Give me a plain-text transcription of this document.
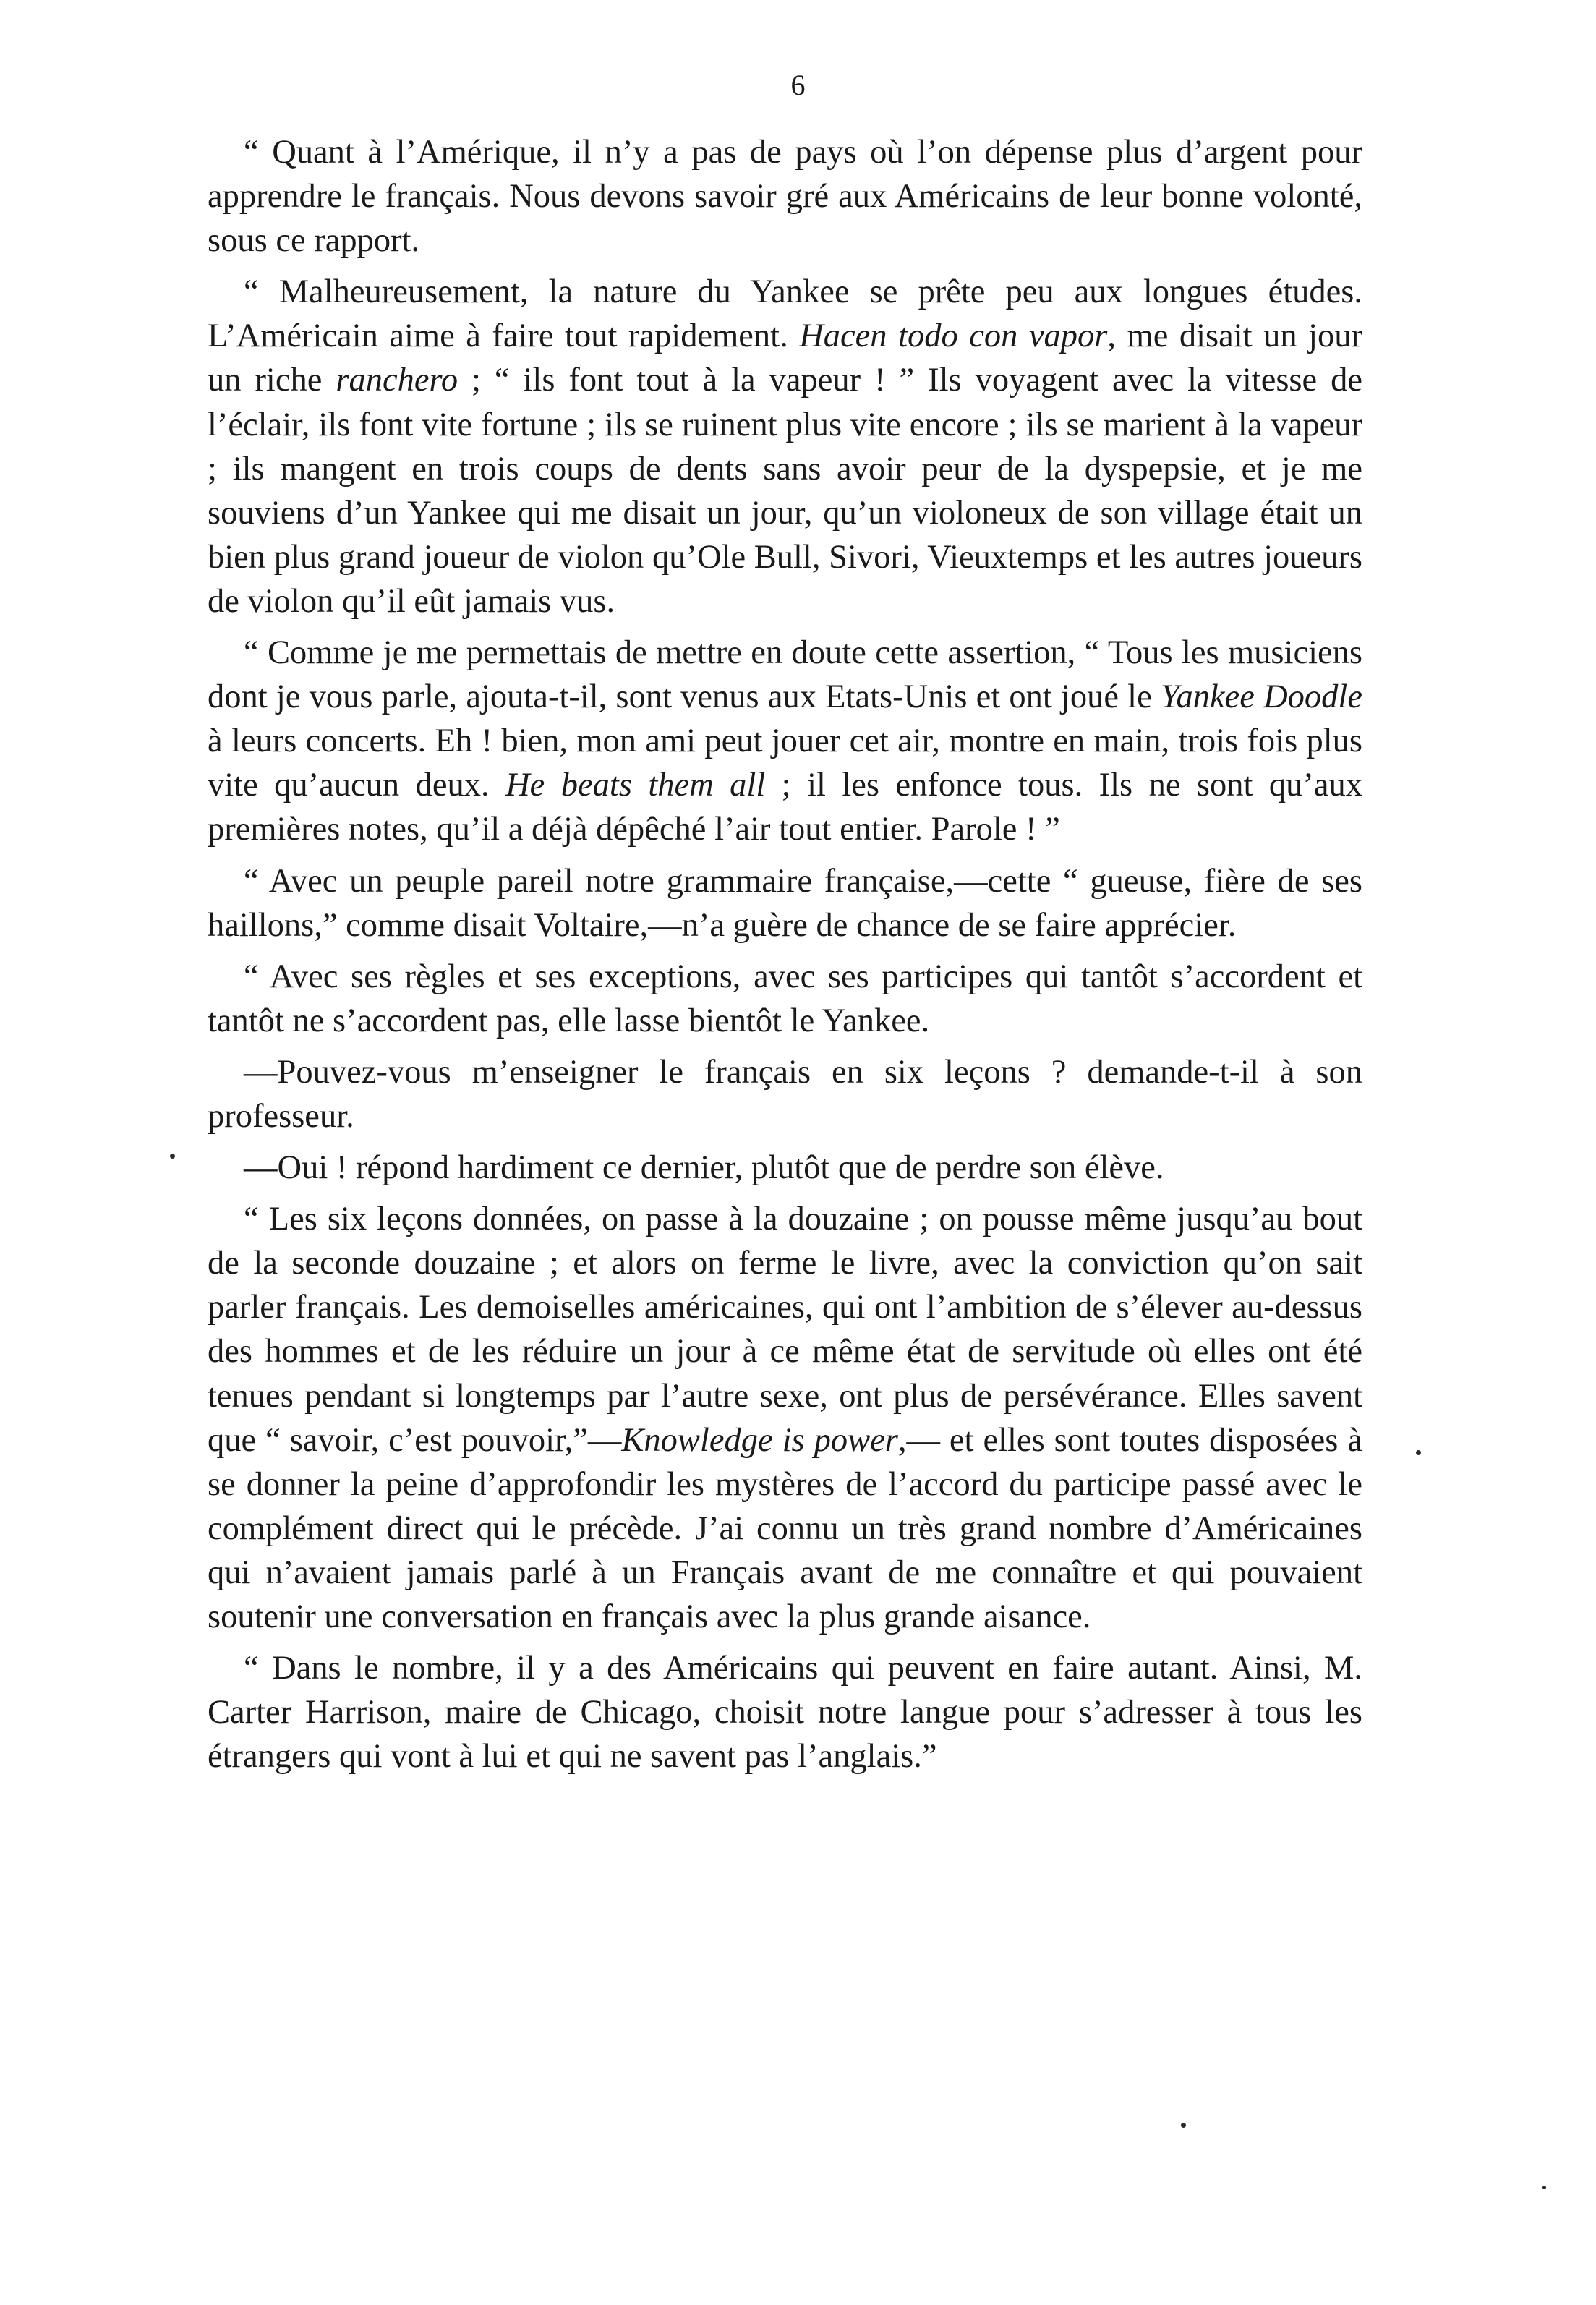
6

“ Quant à l’Amérique, il n’y a pas de pays où l’on dépense plus d’argent pour apprendre le français. Nous devons savoir gré aux Américains de leur bonne volonté, sous ce rapport.

“ Malheureusement, la nature du Yankee se prête peu aux longues études. L’Américain aime à faire tout rapidement. Hacen todo con vapor, me disait un jour un riche ranchero ; “ ils font tout à la vapeur ! ” Ils voyagent avec la vitesse de l’éclair, ils font vite fortune ; ils se ruinent plus vite encore ; ils se marient à la vapeur ; ils mangent en trois coups de dents sans avoir peur de la dyspepsie, et je me souviens d’un Yankee qui me disait un jour, qu’un violoneux de son village était un bien plus grand joueur de violon qu’Ole Bull, Sivori, Vieuxtemps et les autres joueurs de violon qu’il eût jamais vus.

“ Comme je me permettais de mettre en doute cette assertion, “ Tous les musiciens dont je vous parle, ajouta-t-il, sont venus aux Etats-Unis et ont joué le Yankee Doodle à leurs concerts. Eh ! bien, mon ami peut jouer cet air, montre en main, trois fois plus vite qu’aucun deux. He beats them all ; il les enfonce tous. Ils ne sont qu’aux premières notes, qu’il a déjà dépêché l’air tout entier. Parole ! ”

“ Avec un peuple pareil notre grammaire française,—cette “ gueuse, fière de ses haillons,” comme disait Voltaire,—n’a guère de chance de se faire apprécier.

“ Avec ses règles et ses exceptions, avec ses participes qui tantôt s’accordent et tantôt ne s’accordent pas, elle lasse bientôt le Yankee.

—Pouvez-vous m’enseigner le français en six leçons ? demande-t-il à son professeur.

—Oui ! répond hardiment ce dernier, plutôt que de perdre son élève.

“ Les six leçons données, on passe à la douzaine ; on pousse même jusqu’au bout de la seconde douzaine ; et alors on ferme le livre, avec la conviction qu’on sait parler français. Les demoiselles américaines, qui ont l’ambition de s’élever au-dessus des hommes et de les réduire un jour à ce même état de servitude où elles ont été tenues pendant si longtemps par l’autre sexe, ont plus de persévérance. Elles savent que “ savoir, c’est pouvoir,”—Knowledge is power,— et elles sont toutes disposées à se donner la peine d’approfondir les mystères de l’accord du participe passé avec le complément direct qui le précède. J’ai connu un très grand nombre d’Américaines qui n’avaient jamais parlé à un Français avant de me connaître et qui pouvaient soutenir une conversation en français avec la plus grande aisance.

“ Dans le nombre, il y a des Américains qui peuvent en faire autant. Ainsi, M. Carter Harrison, maire de Chicago, choisit notre langue pour s’adresser à tous les étrangers qui vont à lui et qui ne savent pas l’anglais.”
